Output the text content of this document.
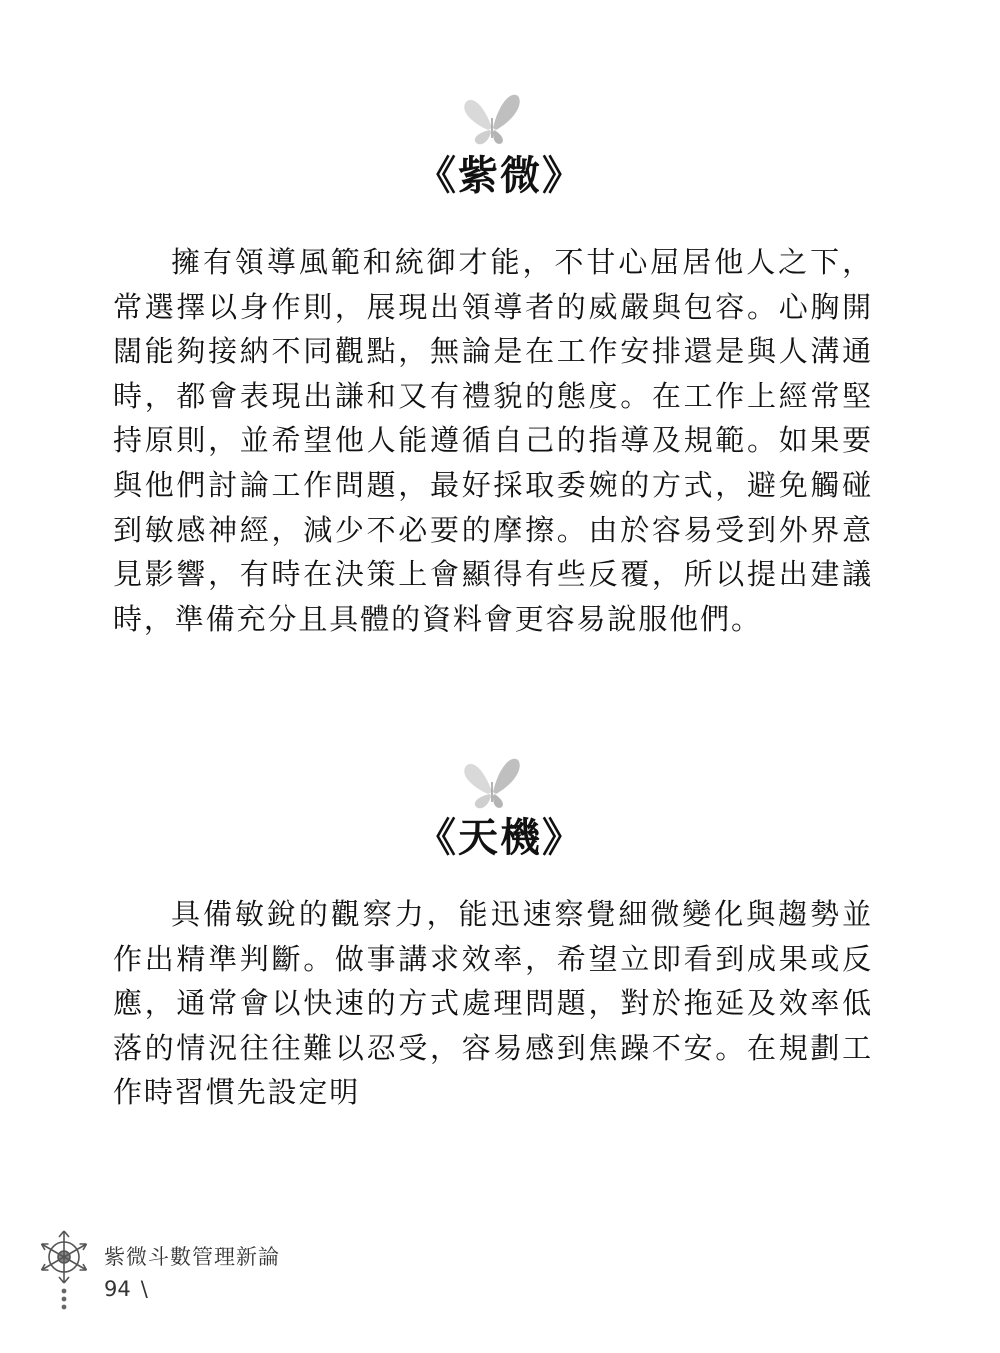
《紫微》

擁有領導風範和統御才能，不甘心屈居他人之下，常選擇以身作則，展現出領導者的威嚴與包容。心胸開闊能夠接納不同觀點，無論是在工作安排還是與人溝通時，都會表現出謙和又有禮貌的態度。在工作上經常堅持原則，並希望他人能遵循自己的指導及規範。如果要與他們討論工作問題，最好採取委婉的方式，避免觸碰到敏感神經，減少不必要的摩擦。由於容易受到外界意見影響，有時在決策上會顯得有些反覆，所以提出建議時，準備充分且具體的資料會更容易說服他們。

《天機》

具備敏銳的觀察力，能迅速察覺細微變化與趨勢並作出精準判斷。做事講求效率，希望立即看到成果或反應，通常會以快速的方式處理問題，對於拖延及效率低落的情況往往難以忍受，容易感到焦躁不安。在規劃工作時習慣先設定明

紫微斗數管理新論
94 \
